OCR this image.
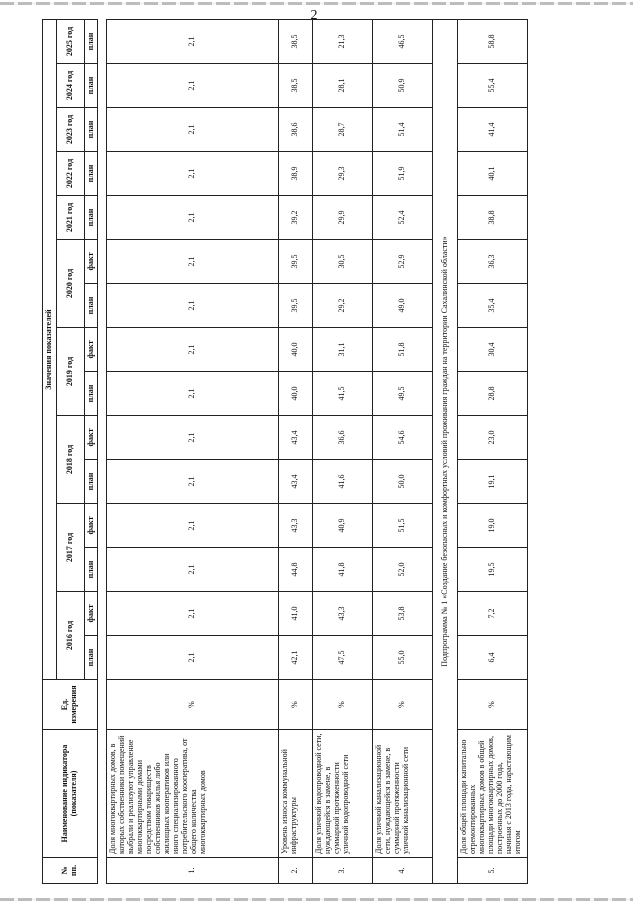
2
№ пп.	Наименование индикатора (показателя)	Ед. измерения	Значения показателей														
			2016 год		2017 год		2018 год		2019 год		2020 год		2021 год	2022 год	2023 год	2024 год	2025 год
			план	факт	план	факт	план	факт	план	факт	план	факт	план	план	план	план	план

1.	Доля многоквартирных домов, в которых собственники помещений выбрали и реализуют управление многоквартирными домами посредством товариществ собственников жилья либо жилищных кооперативов или иного специализированного потребительского кооператива, от общего количества многоквартирных домов	%	2,1	2,1	2,1	2,1	2,1	2,1	2,1	2,1	2,1	2,1	2,1	2,1	2,1	2,1	2,1
2.	Уровень износа коммунальной инфраструктуры	%	42,1	41,0	44,8	43,3	43,4	43,4	40,0	40,0	39,5	39,5	39,2	38,9	38,6	38,5	38,5
3.	Доля уличной водопроводной сети, нуждающейся в замене, в суммарной протяженности уличной водопроводной сети	%	47,5	43,3	41,8	40,9	41,6	36,6	41,5	31,1	29,2	30,5	29,9	29,3	28,7	28,1	21,3
4.	Доля уличной канализационной сети, нуждающейся в замене, в суммарной протяженности уличной канализационной сети	%	55,0	53,8	52,0	51,5	50,0	54,6	49,5	51,8	49,0	52,9	52,4	51,9	51,4	50,9	46,5
Подпрограмма № 1 «Создание безопасных и комфортных условий проживания граждан на территории Сахалинской области»																	
5.	Доля общей площади капитально отремонтированных многоквартирных домов в общей площади многоквартирных домов, построенных до 2000 года, начиная с 2013 года, нарастающим итогом	%	6,4	7,2	19,5	19,0	19,1	23,0	28,8	30,4	35,4	36,3	38,8	40,1	41,4	55,4	58,8
